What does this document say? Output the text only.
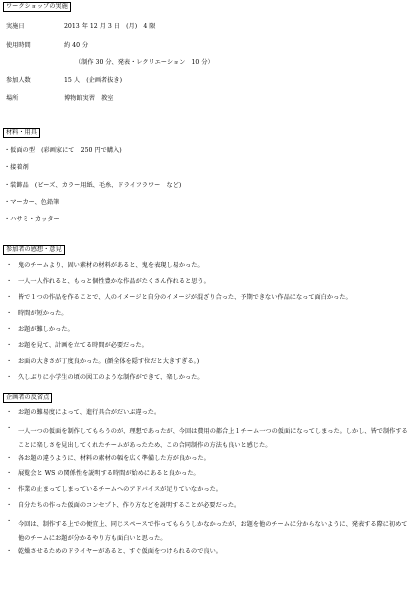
ワークショップの実施
実施日	2013 年 12 月 3 日　(月)　4 限
使用時間	約 40 分
（制作 30 分、発表・レクリエーション　10 分）
参加人数	15 人　(企画者抜き)
場所	博物館実習　教室
材料・用具
・仮面の型　(彩画家にて　250 円で購入)
・接着剤
・装飾品　(ビーズ、カラー用紙、毛糸、ドライフラワー　など)
・マーカー、色鉛筆
・ハサミ・カッター
参加者の感想・意見
・ 鬼のチームより、固い素材の材料があると、鬼を表現し易かった。
・ 一人一人作れると、もっと個性豊かな作品がたくさん作れると思う。
・ 皆で１つの作品を作ることで、人のイメージと自分のイメージが混ざり合った、予期できない作品になって面白かった。
・ 時間が短かった。
・ お題が難しかった。
・ お題を見て、計画を立てる時間が必要だった。
・ お面の大きさが丁度良かった。(顔全体を隠す位だと大きすぎる。)
・ 久しぶりに小学生の頃の図工のような制作ができて、楽しかった。
企画者の反省点
・ お題の難易度によって、進行具合がだいぶ違った。
・ 一人一つの仮面を制作してもらうのが、理想であったが、今回は費用の都合上１チーム一つの仮面になってしまった。しかし、皆で制作することに楽しさを見出してくれたチームがあったため、この合同制作の方法も良いと感じた。
・ 各お題の違うように、材料の素材の幅を広く準備した方が良かった。
・ 展覧会と WS の関係性を説明する時間が始めにあると良かった。
・ 作業の止まってしまっているチームへのアドバイスが足りていなかった。
・ 自分たちの作った仮面のコンセプト、作り方などを説明することが必要だった。
・ 今回は、制作する上での便宜上、同じスペースで作ってもらうしかなかったが、お題を他のチームに分からないように、発表する際に初めて他のチームにお題が分かるやり方も面白いと思った。
・ 乾燥させるためのドライヤーがあると、すぐ仮面をつけられるので良い。
